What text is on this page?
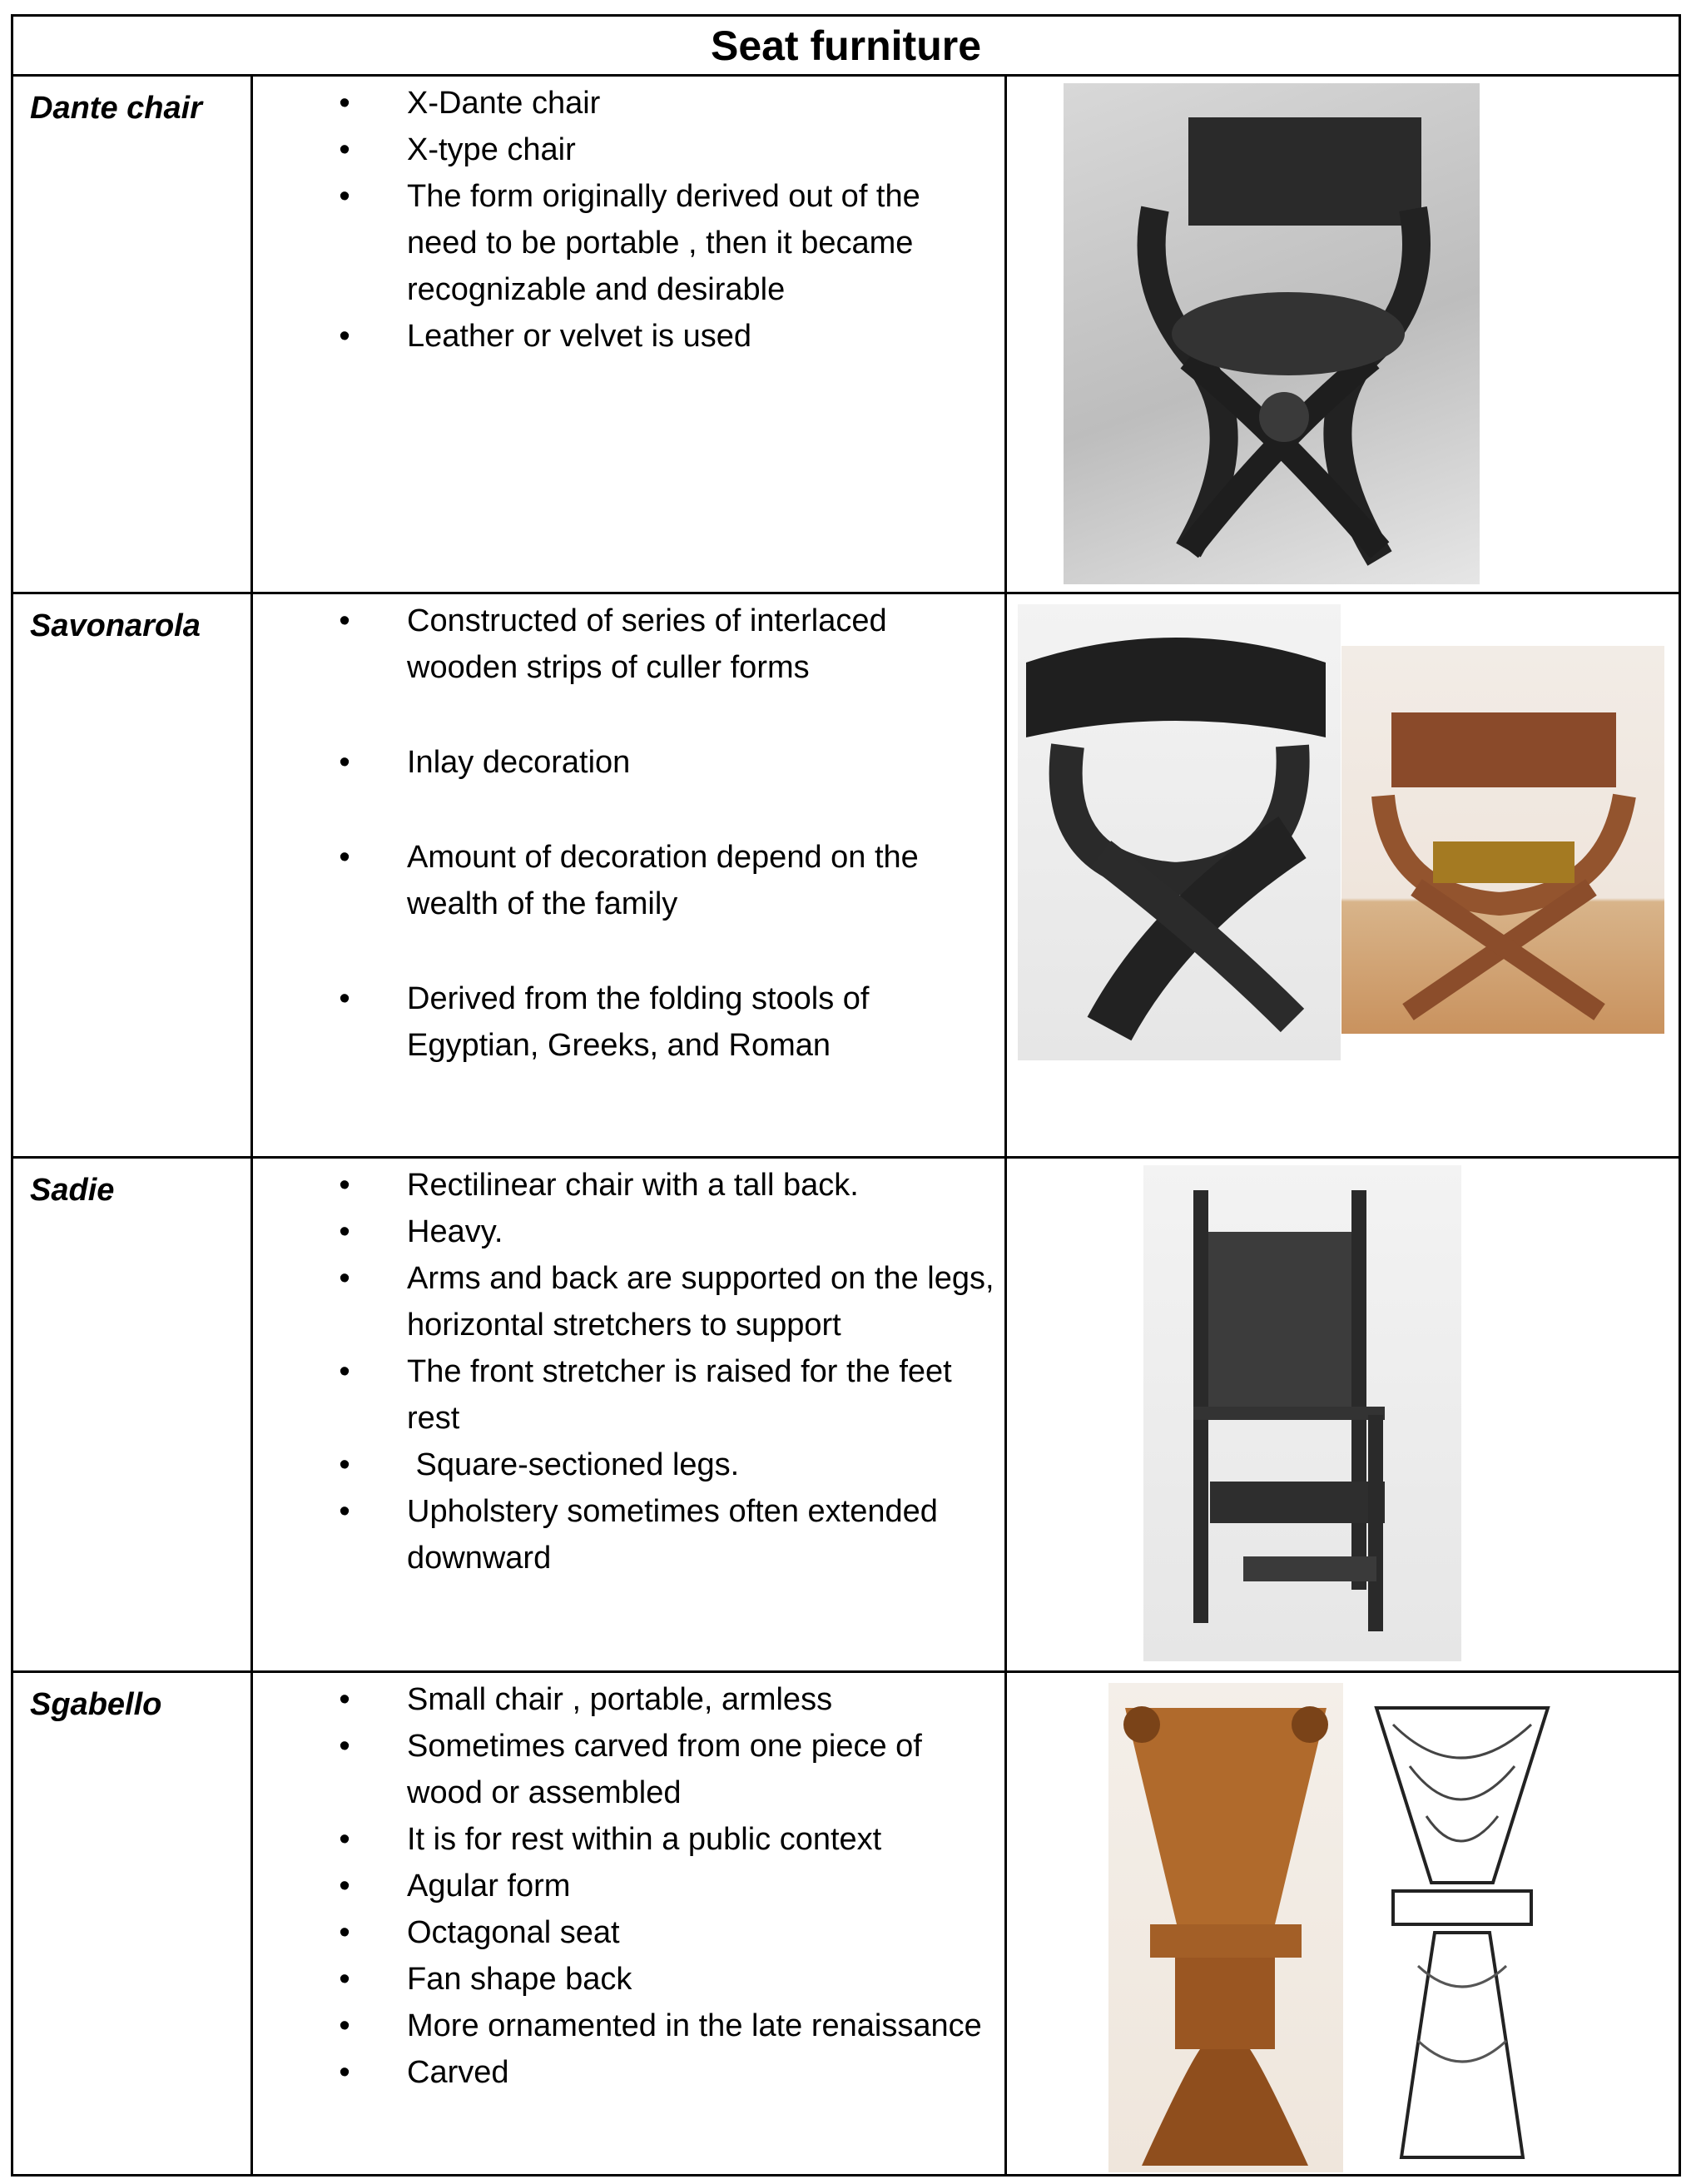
Seat furniture
Dante chair	• X-Dante chair
• X-type chair
• The form originally derived out of the need to be portable , then it became recognizable and desirable
• Leather or velvet is used
Savonarola	• Constructed of series of interlaced wooden strips of culler forms
• Inlay decoration
• Amount of decoration depend on the wealth of the family
• Derived from the folding stools of Egyptian, Greeks, and Roman
Sadie	• Rectilinear chair with a tall back.
• Heavy.
• Arms and back are supported on the legs, horizontal stretchers to support
• The front stretcher is raised for the feet rest
• Square-sectioned legs.
• Upholstery sometimes often extended downward
Sgabello	• Small chair , portable, armless
• Sometimes carved from one piece of wood or assembled
• It is for rest within a public context
• Agular form
• Octagonal seat
• Fan shape back
• More ornamented in the late renaissance
• Carved
